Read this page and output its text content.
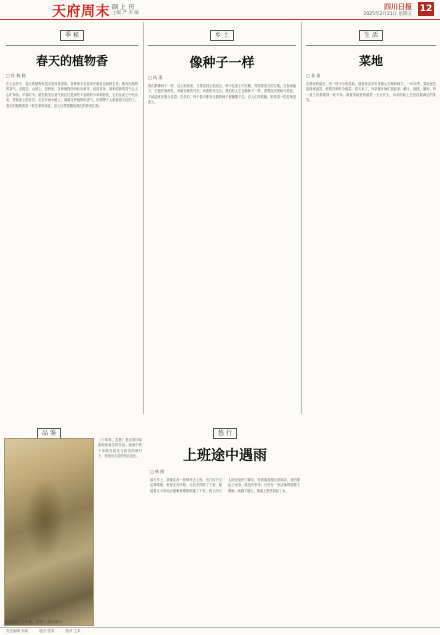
天府周末 副 上 刊
主编 严 李 编
四川日报
2025年2月21日 星期五
12
季 候
春天的植物香
□ 杜 秋 晓
在大自然中，春天的植物有很多是非常香的。各种草木在春风中焕发出勃勃生机，散发出独特的香气。在路边、山坡上、田野里，各种植物纷纷吐出新芽，绽放花朵，那种清新的香气让人心旷神怡。早春时节，最先散发出香气的往往是那些不起眼的小草和野花，它们从泥土中钻出来，带着泥土的芬芳。走在乡间小路上，闻着这些植物的香气，仿佛整个人都被春天包围了。春天的植物香是一种生命的味道，是大自然馈赠给我们的珍贵礼物。
乡 土
像种子一样
□ 风 清
我们都像种子一样，从土地里来，又要回到土地里去。种子在泥土中沉睡，等待着春天的召唤。当春雨落下，它便开始萌发，冲破坚硬的外壳，向着阳光生长。我们的人生也像种子一样，需要经历黑暗与孤独，才能迎来光明与希望。在乡村，每个春天都有无数的种子被播撒下去，农人们弯着腰，把希望一粒粒埋进泥土。
生 活
菜地
□ 张 岚
在我家的屋后，有一块小小的菜地。那是母亲多年来精心打理的地方。一年四季，菜地里总是绿意盎然，种着各种时令蔬菜。春天来了，母亲便开始忙碌起来，翻土、施肥、播种，每一道工序都做得一丝不苟。看着菜地里的蔬菜一天天长大，母亲的脸上总是挂着满足的笑容。
品 鉴
《干草堆，雪景》是法国印象派画家莫奈的作品。画面中的干草堆在阳光与积雪的映衬下，呈现出丰富的色彩变化。
莫奈名画《干草堆，雪景》（资料图片）
悠 行
上班途中遇雨
□ 林 鸥
那天早上，我像往常一样骑车去上班。出门时天空还算晴朗，谁知走到半路，天色突然暗了下来，紧接着豆大的雨点便噼里啪啦地落了下来。路上的行人纷纷加快了脚步，有的躲进路边的商店，有的撑起了雨伞。我没有带伞，只好在一家店铺的屋檐下避雨。雨越下越大，街道上很快积起了水。
责任编辑 李某	版式 张某	校对 王某
